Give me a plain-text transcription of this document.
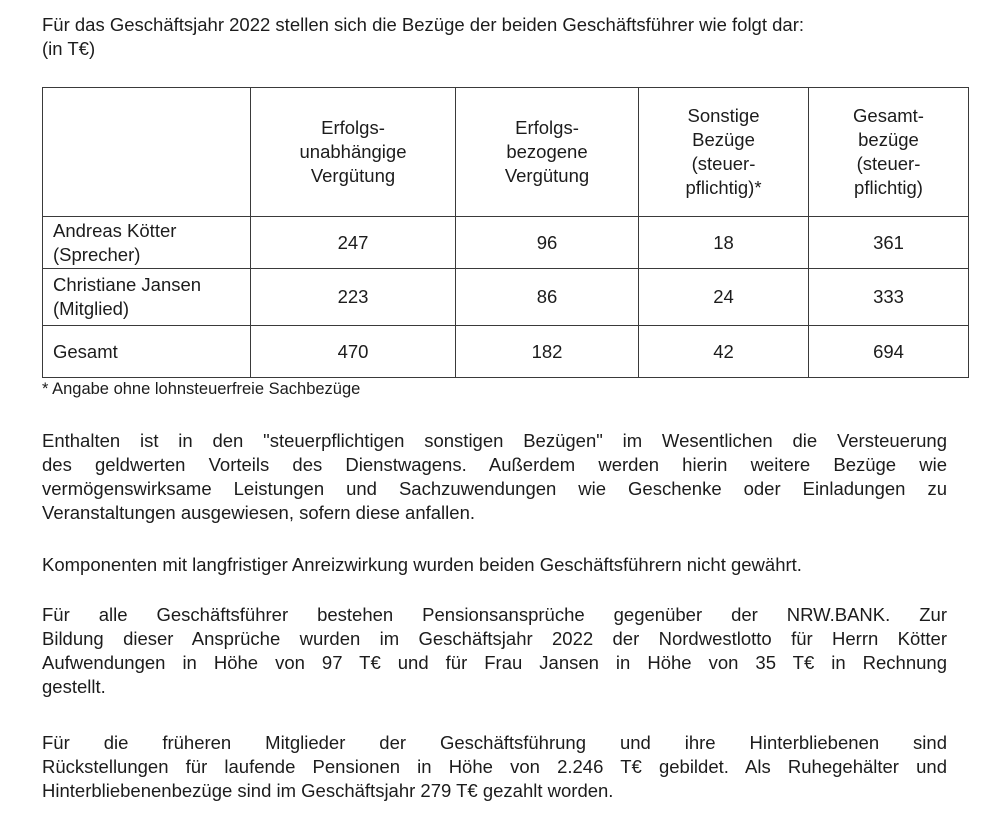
Für das Geschäftsjahr 2022 stellen sich die Bezüge der beiden Geschäftsführer wie folgt dar:
(in T€)

	Erfolgs-
unabhängige
Vergütung	Erfolgs-
bezogene
Vergütung	Sonstige
Bezüge
(steuer-
pflichtig)*	Gesamt-
bezüge
(steuer-
pflichtig)

Andreas Kötter
(Sprecher)	247	96	18	361

Christiane Jansen
(Mitglied)	223	86	24	333

Gesamt	470	182	42	694
* Angabe ohne lohnsteuerfreie Sachbezüge
Enthalten ist in den "steuerpflichtigen sonstigen Bezügen" im Wesentlichen die Versteuerung
des geldwerten Vorteils des Dienstwagens. Außerdem werden hierin weitere Bezüge wie
vermögenswirksame Leistungen und Sachzuwendungen wie Geschenke oder Einladungen zu
Veranstaltungen ausgewiesen, sofern diese anfallen.
Komponenten mit langfristiger Anreizwirkung wurden beiden Geschäftsführern nicht gewährt.
Für alle Geschäftsführer bestehen Pensionsansprüche gegenüber der NRW.BANK. Zur
Bildung dieser Ansprüche wurden im Geschäftsjahr 2022 der Nordwestlotto für Herrn Kötter
Aufwendungen in Höhe von 97 T€ und für Frau Jansen in Höhe von 35 T€ in Rechnung
gestellt.
Für die früheren Mitglieder der Geschäftsführung und ihre Hinterbliebenen sind
Rückstellungen für laufende Pensionen in Höhe von 2.246 T€ gebildet. Als Ruhegehälter und
Hinterbliebenenbezüge sind im Geschäftsjahr 279 T€ gezahlt worden.
